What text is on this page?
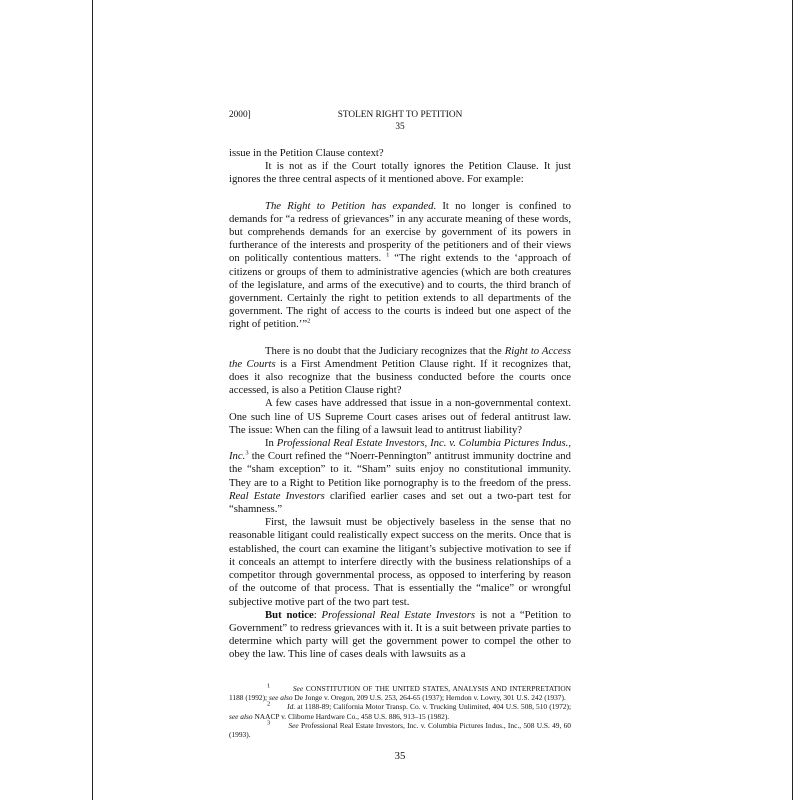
2000]	STOLEN RIGHT TO PETITION
35

issue in the Petition Clause context?

It is not as if the Court totally ignores the Petition Clause. It just ignores the three central aspects of it mentioned above. For example:

The Right to Petition has expanded. It no longer is confined to demands for “a redress of grievances” in any accurate meaning of these words, but comprehends demands for an exercise by government of its powers in furtherance of the interests and prosperity of the petitioners and of their views on politically contentious matters. $^1$ “The right extends to the ‘approach of citizens or groups of them to administrative agencies (which are both creatures of the legislature, and arms of the executive) and to courts, the third branch of government. Certainly the right to petition extends to all departments of the government. The right of access to the courts is indeed but one aspect of the right of petition.’”$^2$

There is no doubt that the Judiciary recognizes that the Right to Access the Courts is a First Amendment Petition Clause right. If it recognizes that, does it also recognize that the business conducted before the courts once accessed, is also a Petition Clause right?

A few cases have addressed that issue in a non-governmental context. One such line of US Supreme Court cases arises out of federal antitrust law. The issue: When can the filing of a lawsuit lead to antitrust liability?

In Professional Real Estate Investors, Inc. v. Columbia Pictures Indus., Inc.$^3$ the Court refined the “Noerr-Pennington” antitrust immunity doctrine and the “sham exception” to it. “Sham” suits enjoy no constitutional immunity. They are to a Right to Petition like pornography is to the freedom of the press. Real Estate Investors clarified earlier cases and set out a two-part test for “shamness.”

First, the lawsuit must be objectively baseless in the sense that no reasonable litigant could realistically expect success on the merits. Once that is established, the court can examine the litigant’s subjective motivation to see if it conceals an attempt to interfere directly with the business relationships of a competitor through governmental process, as opposed to interfering by reason of the outcome of that process. That is essentially the “malice” or wrongful subjective motive part of the two part test.

But notice: Professional Real Estate Investors is not a “Petition to Government” to redress grievances with it. It is a suit between private parties to determine which party will get the government power to compel the other to obey the law. This line of cases deals with lawsuits as a

$^1$	See CONSTITUTION OF THE UNITED STATES, ANALYSIS AND INTERPRETATION 1188 (1992); see also De Jonge v. Oregon, 209 U.S. 253, 264-65 (1937); Herndon v. Lowry, 301 U.S. 242 (1937).

$^2$ Id. at 1188-89; California Motor Transp. Co. v. Trucking Unlimited, 404 U.S. 508, 510 (1972); see also NAACP v. Cliborne Hardware Co., 458 U.S. 886, 913–15 (1982).

$^3$ See Professional Real Estate Investors, Inc. v. Columbia Pictures Indus., Inc., 508 U.S. 49, 60 (1993).

35
